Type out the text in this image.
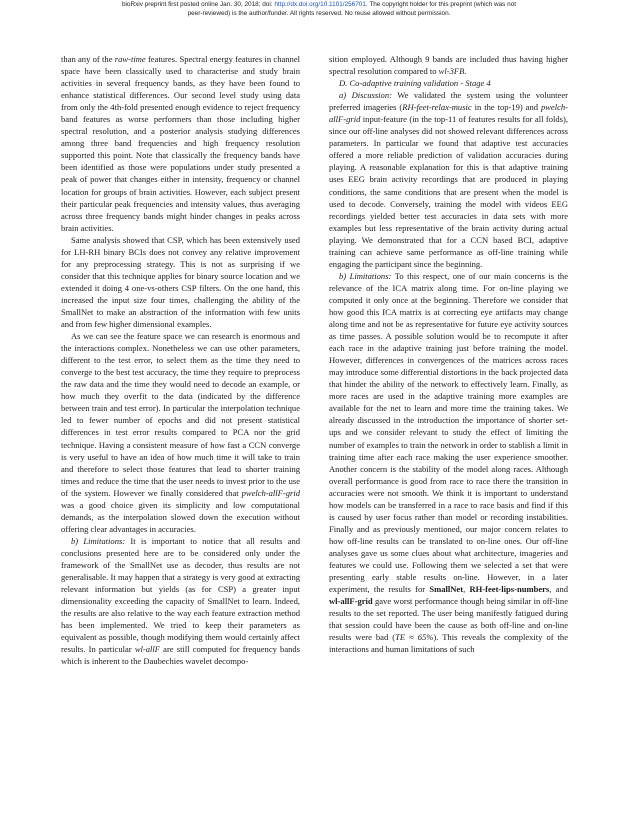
bioRxiv preprint first posted online Jan. 30, 2018; doi: http://dx.doi.org/10.1101/256701. The copyright holder for this preprint (which was not
peer-reviewed) is the author/funder. All rights reserved. No reuse allowed without permission.

than any of the raw-time features. Spectral energy features in channel space have been classically used to characterise and study brain activities in several frequency bands, as they have been found to enhance statistical differences. Our second level study using data from only the 4th-fold presented enough evidence to reject frequency band features as worse performers than those including higher spectral resolution, and a posterior analysis studying differences among three band frequencies and high frequency resolution supported this point. Note that classically the frequency bands have been identified as those were populations under study presented a peak of power that changes either in intensity, frequency or channel location for groups of brain activities. However, each subject present their particular peak frequencies and intensity values, thus averaging across three frequency bands might hinder changes in peaks across brain activities.

Same analysis showed that CSP, which has been extensively used for LH-RH binary BCIs does not convey any relative improvement for any preprocessing strategy. This is not as surprising if we consider that this technique applies for binary source location and we extended it doing 4 one-vs-others CSP filters. On the one hand, this increased the input size four times, challenging the ability of the SmallNet to make an abstraction of the information with few units and from few higher dimensional examples.

As we can see the feature space we can research is enormous and the interactions complex. Nonetheless we can use other parameters, different to the test error, to select them as the time they need to converge to the best test accuracy, the time they require to preprocess the raw data and the time they would need to decode an example, or how much they overfit to the data (indicated by the difference between train and test error). In particular the interpolation technique led to fewer number of epochs and did not present statistical differences in test error results compared to PCA nor the grid technique. Having a consistent measure of how fast a CCN converge is very useful to have an idea of how much time it will take to train and therefore to select those features that lead to shorter training times and reduce the time that the user needs to invest prior to the use of the system. However we finally considered that pwelch-allF-grid was a good choice given its simplicity and low computational demands, as the interpolation slowed down the execution without offering clear advantages in accuracies.

b) Limitations: It is important to notice that all results and conclusions presented here are to be considered only under the framework of the SmallNet use as decoder, thus results are not generalisable. It may happen that a strategy is very good at extracting relevant information but yields (as for CSP) a greater input dimensionality exceeding the capacity of SmallNet to learn. Indeed, the results are also relative to the way each feature extraction method has been implemented. We tried to keep their parameters as equivalent as possible, though modifying them would certainly affect results. In particular wl-allF are still computed for frequency bands which is inherent to the Daubechies wavelet decompo-

sition employed. Although 9 bands are included thus having higher spectral resolution compared to wl-3FB.

D. Co-adaptive training validation - Stage 4

a) Discussion: We validated the system using the volunteer preferred imageries (RH-feet-relax-music in the top-19) and pwelch-allF-grid input-feature (in the top-11 of features results for all folds), since our off-line analyses did not showed relevant differences across parameters. In particular we found that adaptive test accuracies offered a more reliable prediction of validation accuracies during playing. A reasonable explanation for this is that adaptive training uses EEG brain activity recordings that are produced in playing conditions, the same conditions that are present when the model is used to decode. Conversely, training the model with videos EEG recordings yielded better test accuracies in data sets with more examples but less representative of the brain activity during actual playing. We demonstrated that for a CCN based BCI, adaptive training can achieve same performance as off-line training while engaging the participant since the beginning.

b) Limitations: To this respect, one of our main concerns is the relevance of the ICA matrix along time. For on-line playing we computed it only once at the beginning. Therefore we consider that how good this ICA matrix is at correcting eye artifacts may change along time and not be as representative for future eye activity sources as time passes. A possible solution would be to recompute it after each race in the adaptive training just before training the model. However, differences in convergences of the matrices across races may introduce some differential distortions in the back projected data that hinder the ability of the network to effectively learn. Finally, as more races are used in the adaptive training more examples are available for the net to learn and more time the training takes. We already discussed in the introduction the importance of shorter set-ups and we consider relevant to study the effect of limiting the number of examples to train the network in order to stablish a limit in training time after each race making the user experience smoother. Another concern is the stability of the model along races. Although overall performance is good from race to race there the transition in accuracies were not smooth. We think it is important to understand how models can be transferred in a race to race basis and find if this is caused by user focus rather than model or recording instabilities. Finally and as previously mentioned, our major concern relates to how off-line results can be translated to on-line ones. Our off-line analyses gave us some clues about what architecture, imageries and features we could use. Following them we selected a set that were presenting early stable results on-line. However, in a later experiment, the results for SmallNet, RH-feet-lips-numbers, and wl-allF-grid gave worst performance though being similar in off-line results to the set reported. The user being manifestly fatigued during that session could have been the cause as both off-line and on-line results were bad (TE ≈ 65%). This reveals the complexity of the interactions and human limitations of such
